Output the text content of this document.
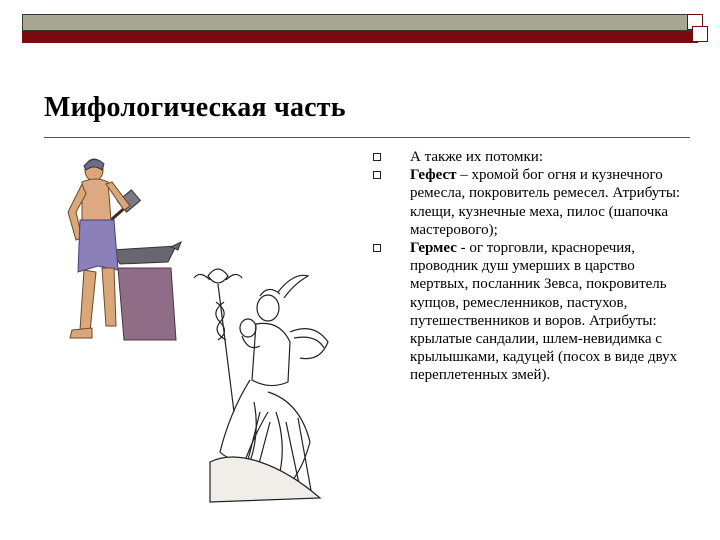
Мифологическая часть
А также их потомки:
Гефест – хромой бог огня и кузнечного ремесла, покровитель ремесел. Атрибуты: клещи, кузнечные меха, пилос (шапочка мастерового);
Гермес - ог торговли, красноречия, проводник душ умерших в царство мертвых, посланник Зевса, покровитель купцов, ремесленников, пастухов, путешественников и воров. Атрибуты: крылатые сандалии, шлем-невидимка с крылышками, кадуцей (посох в виде двух переплетенных змей).
